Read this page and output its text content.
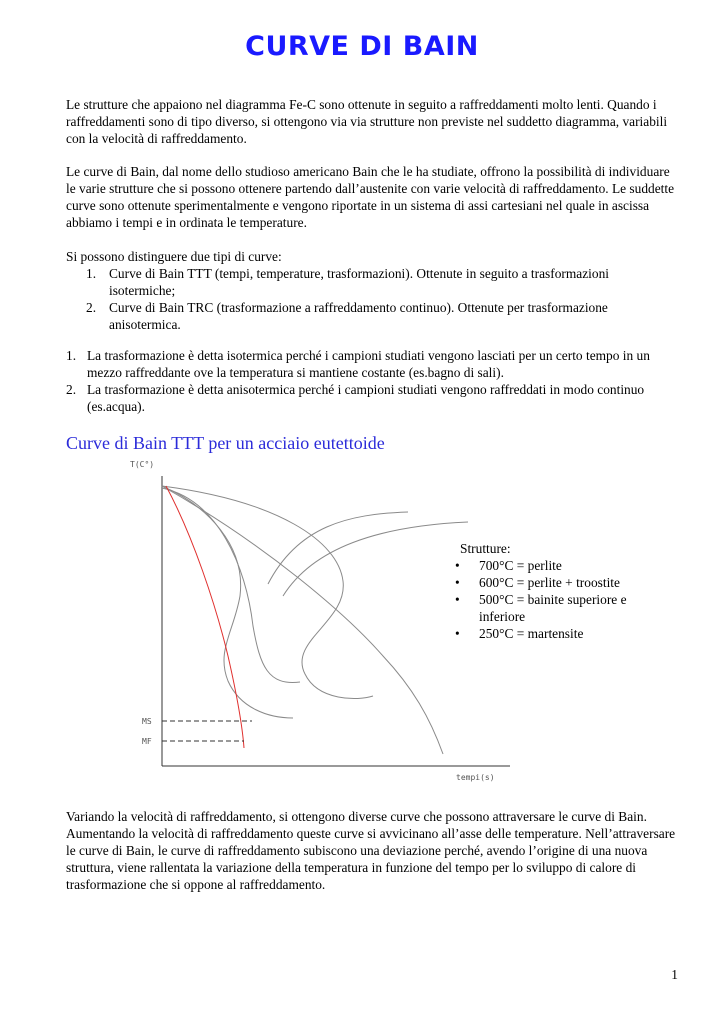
CURVE DI BAIN

Le strutture che appaiono nel diagramma Fe-C sono ottenute in seguito a raffreddamenti molto lenti. Quando i raffreddamenti sono di tipo diverso, si ottengono via via strutture non previste nel suddetto diagramma, variabili con la velocità di raffreddamento.

Le curve di Bain, dal nome dello studioso americano Bain che le ha studiate, offrono la possibilità di individuare le varie strutture che si possono ottenere partendo dall’austenite con varie velocità di raffreddamento. Le suddette curve sono ottenute sperimentalmente e vengono riportate in un sistema di assi cartesiani nel quale in ascissa abbiamo i tempi e in ordinata le temperature.

Si possono distinguere due tipi di curve:

1. Curve di Bain TTT (tempi, temperature, trasformazioni). Ottenute in seguito a trasformazioni isotermiche;
2. Curve di Bain TRC (trasformazione a raffreddamento continuo). Ottenute per trasformazione anisotermica.
1. La trasformazione è detta isotermica perché i campioni studiati vengono lasciati per un certo tempo in un mezzo raffreddante ove la temperatura si mantiene costante (es.bagno di sali).
2. La trasformazione è detta anisotermica perché i campioni studiati vengono raffreddati in modo continuo (es.acqua).
Curve di Bain TTT per un acciaio eutettoide
T(C°)
tempi(s)
MS
MF
Strutture:
• 700°C = perlite
• 600°C = perlite + troostite
• 500°C = bainite superiore e inferiore
• 250°C = martensite

Variando la velocità di raffreddamento, si ottengono diverse curve che possono attraversare le curve di Bain. Aumentando la velocità di raffreddamento queste curve si avvicinano all’asse delle temperature. Nell’attraversare le curve di Bain, le curve di raffreddamento subiscono una deviazione perché, avendo l’origine di una nuova struttura, viene rallentata la variazione della temperatura in funzione del tempo per lo sviluppo di calore di trasformazione che si oppone al raffreddamento.

1
